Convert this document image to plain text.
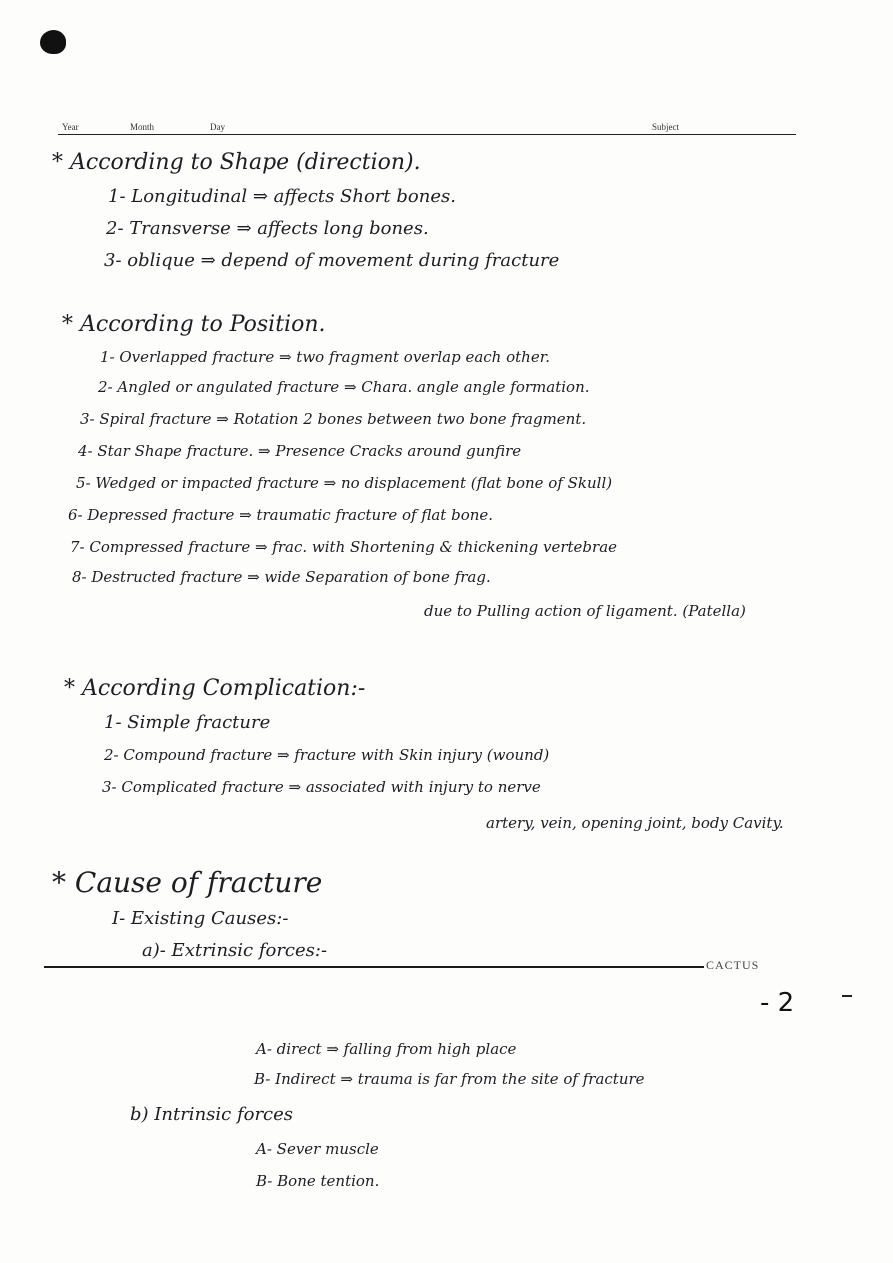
Year	Month	Day	Subject
* According to Shape (direction).
1- Longitudinal ⇒ affects Short bones.
2- Transverse ⇒ affects long bones.
3- oblique ⇒ depend of movement during fracture
* According to Position.
1- Overlapped fracture ⇒ two fragment overlap each other.
2- Angled or angulated fracture ⇒ Chara. angle angle formation.
3- Spiral fracture ⇒ Rotation 2 bones between two bone fragment.
4- Star Shape fracture. ⇒ Presence Cracks around gunfire
5- Wedged or impacted fracture ⇒ no displacement (flat bone of Skull)
6- Depressed fracture ⇒ traumatic fracture of flat bone.
7- Compressed fracture ⇒ frac. with Shortening & thickening vertebrae
8- Destructed fracture ⇒ wide Separation of bone frag.
due to Pulling action of ligament. (Patella)
* According Complication:-
1- Simple fracture
2- Compound fracture ⇒ fracture with Skin injury (wound)
3- Complicated fracture ⇒ associated with injury to nerve
artery, vein, opening joint, body Cavity.
* Cause of fracture
I- Existing Causes:-
a)- Extrinsic forces:-
CACTUS
- 2
A- direct ⇒ falling from high place
B- Indirect ⇒ trauma is far from the site of fracture
b) Intrinsic forces
A- Sever muscle
B- Bone tention.
